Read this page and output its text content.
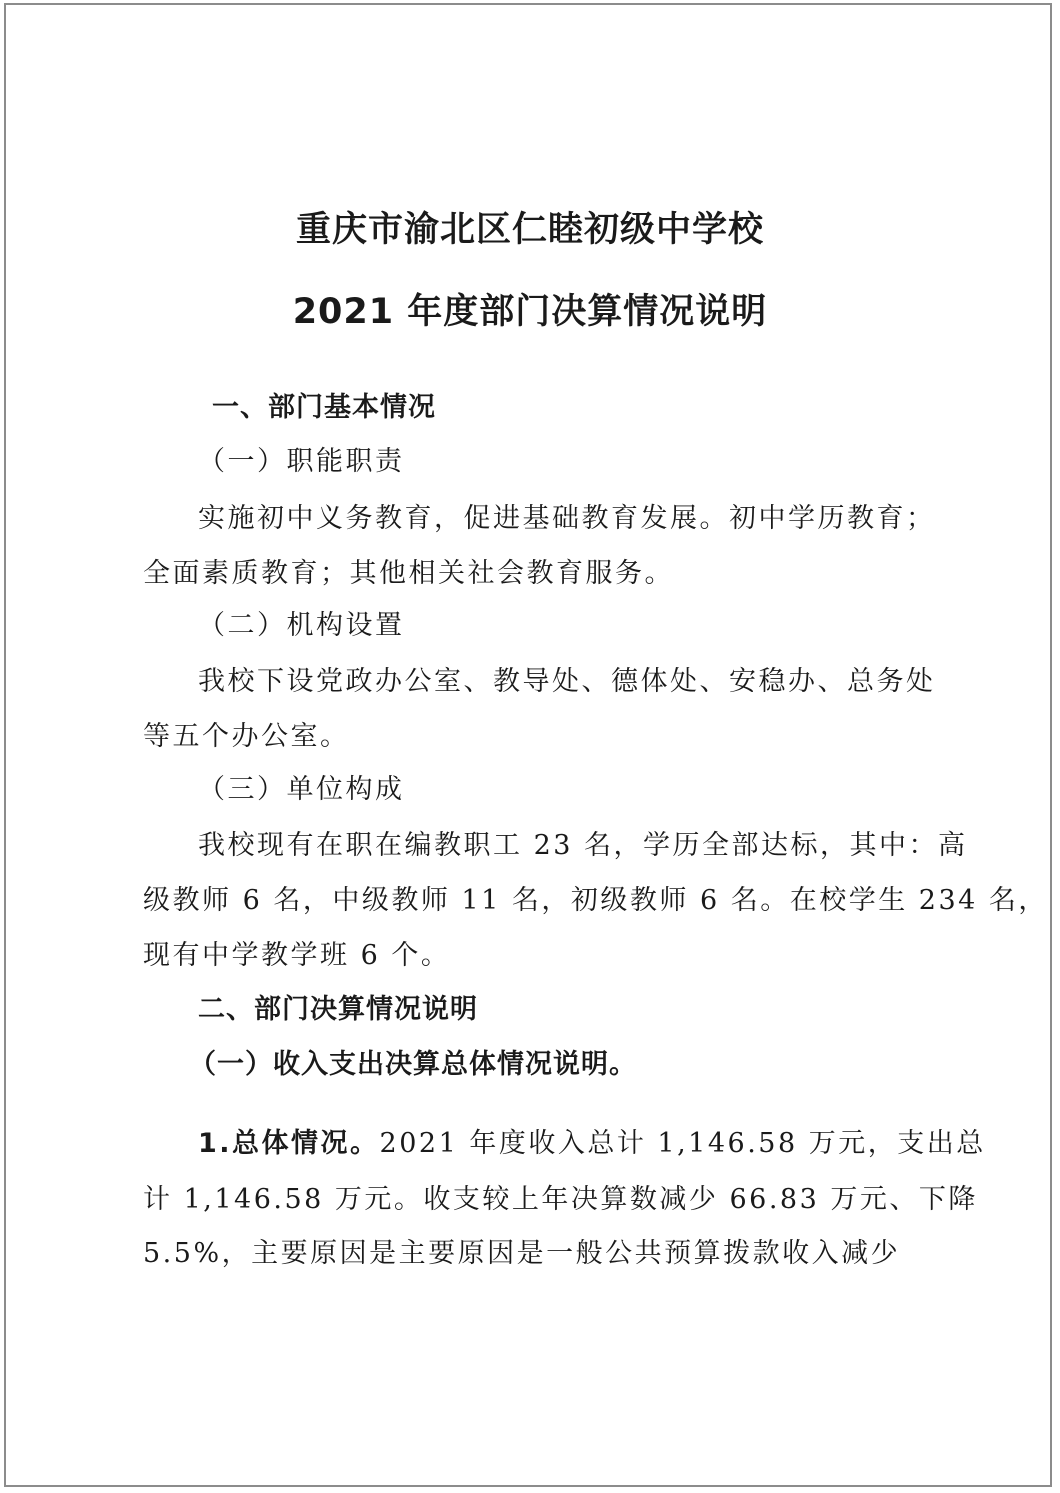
重庆市渝北区仁睦初级中学校
2021 年度部门决算情况说明
一、部门基本情况
（一）职能职责
实施初中义务教育，促进基础教育发展。初中学历教育；
全面素质教育；其他相关社会教育服务。
（二）机构设置
我校下设党政办公室、教导处、德体处、安稳办、总务处
等五个办公室。
（三）单位构成
我校现有在职在编教职工 23 名，学历全部达标，其中：高
级教师 6 名，中级教师 11 名，初级教师 6 名。在校学生 234 名，
现有中学教学班 6 个。
二、部门决算情况说明
（一）收入支出决算总体情况说明。
1.总体情况。2021 年度收入总计 1,146.58 万元，支出总
计 1,146.58 万元。收支较上年决算数减少 66.83 万元、下降
5.5%，主要原因是主要原因是一般公共预算拨款收入减少
